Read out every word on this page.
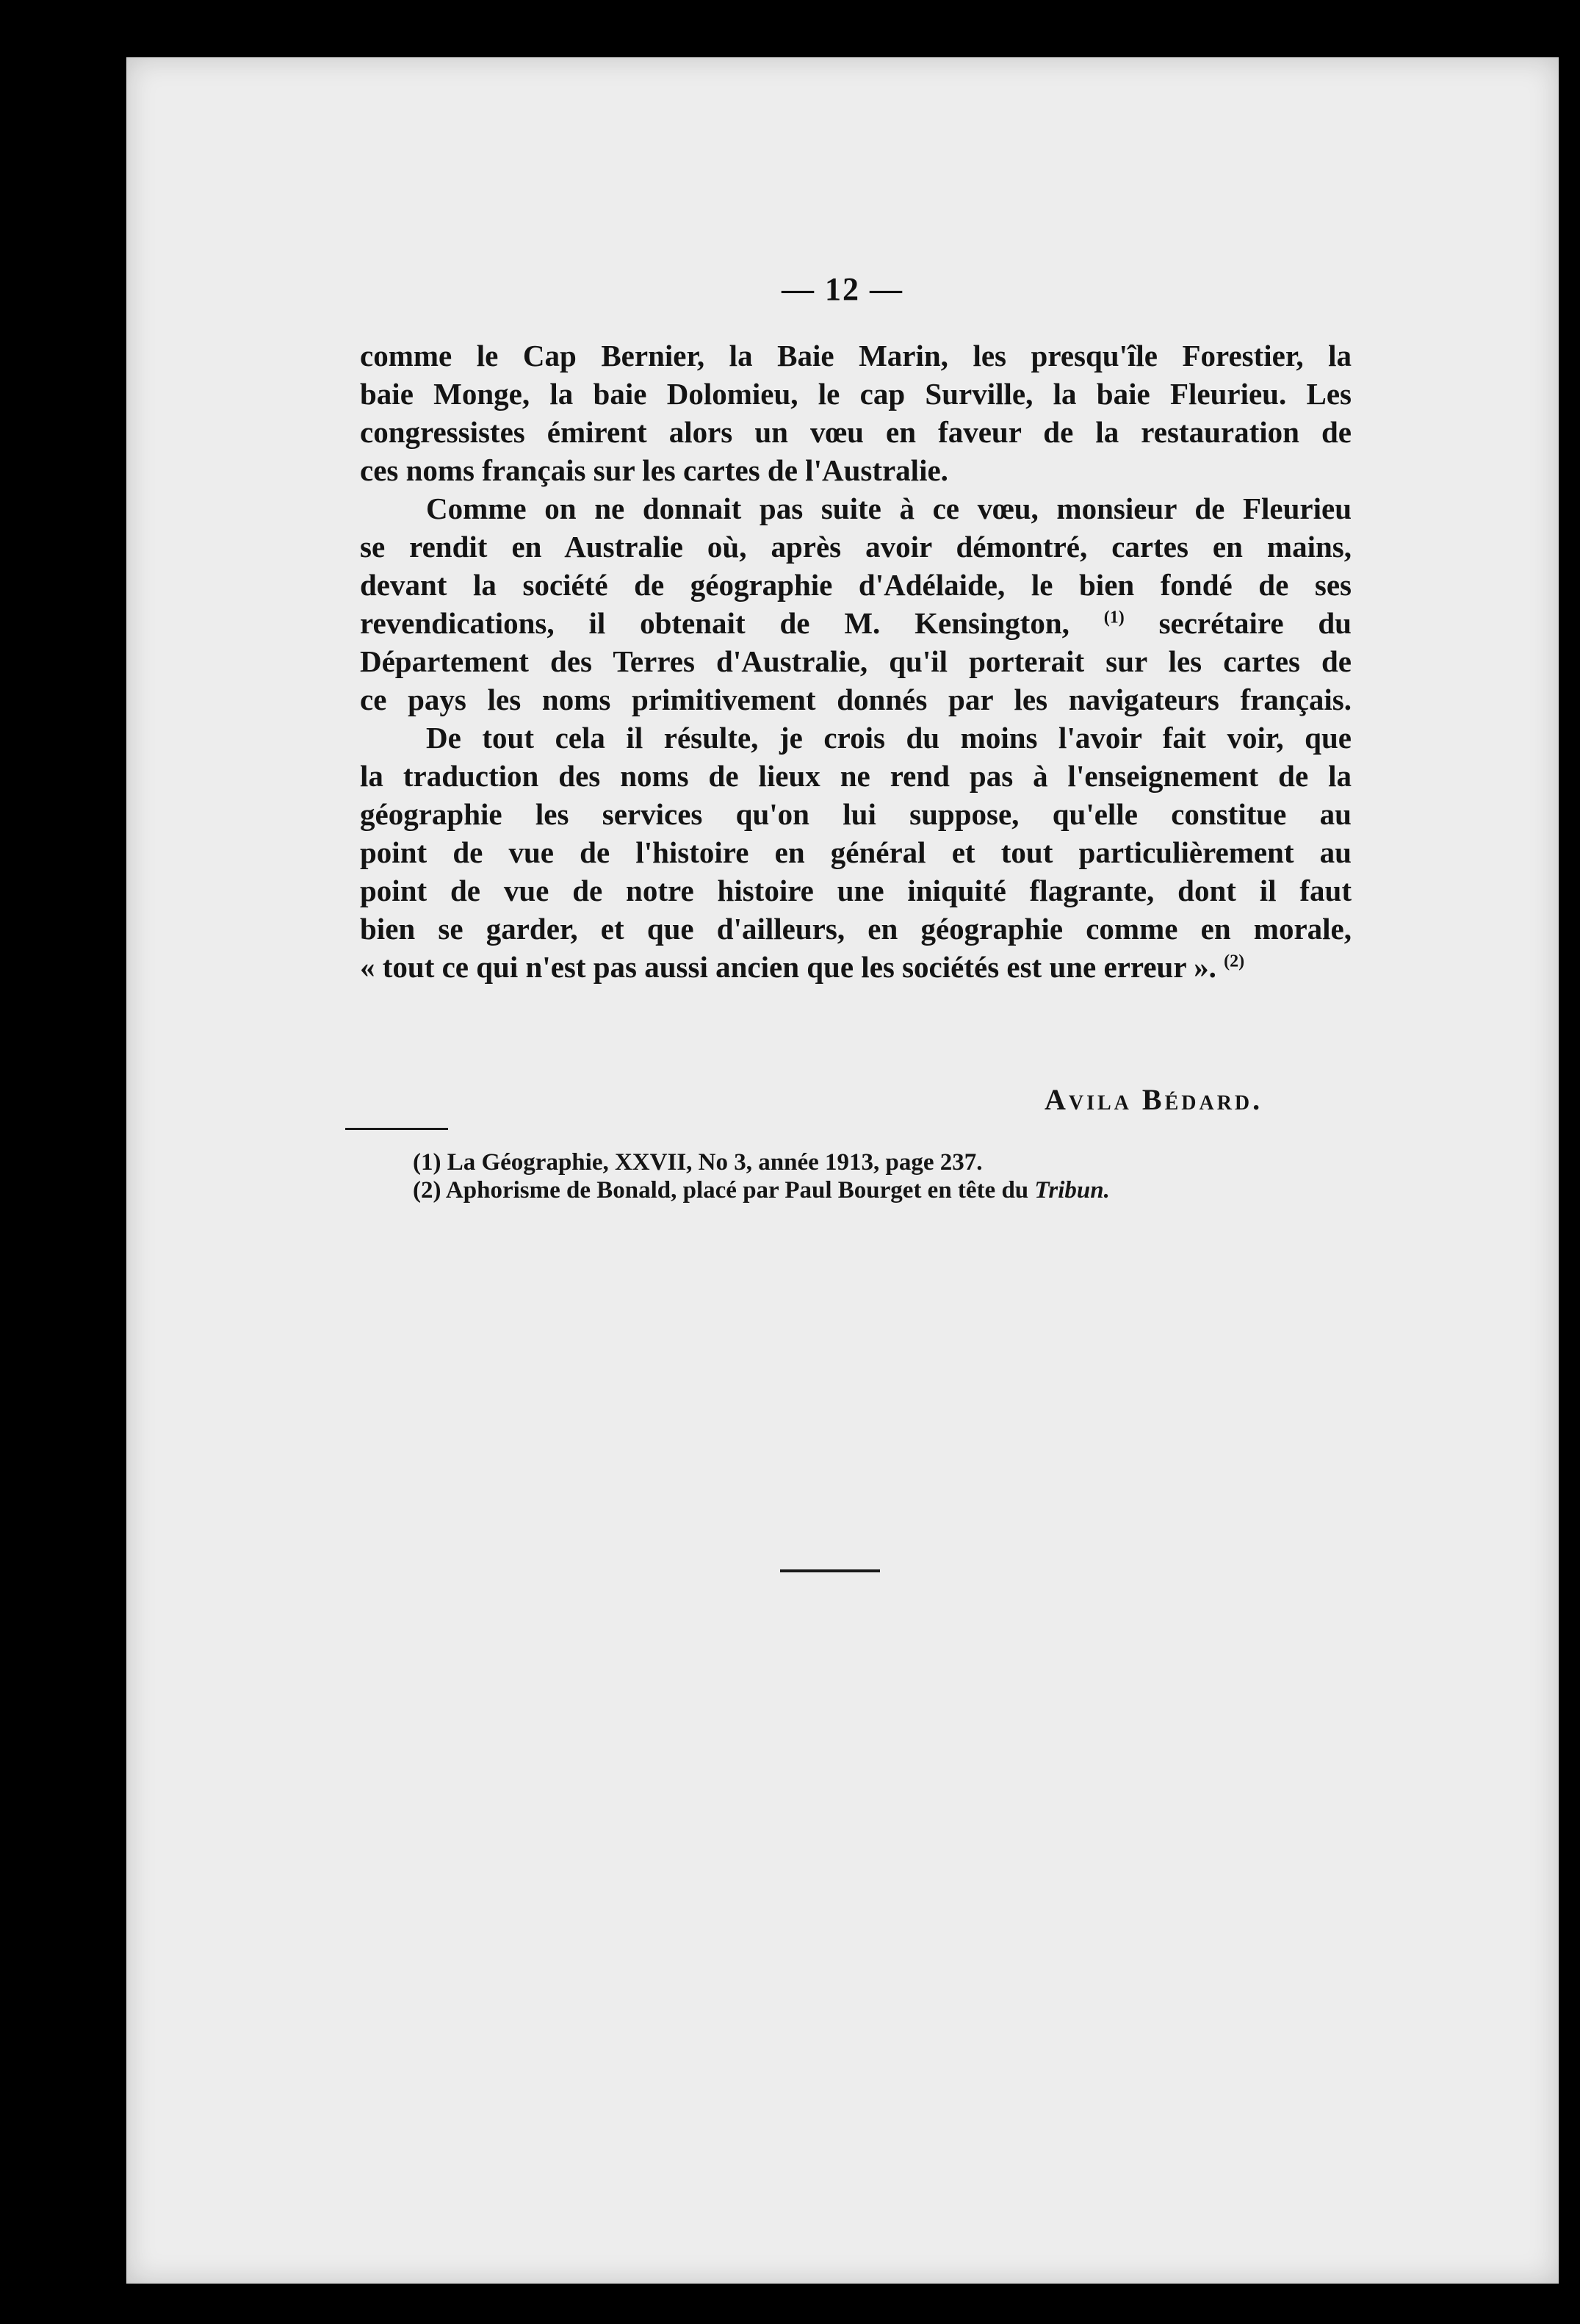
— 12 —
comme le Cap Bernier, la Baie Marin, les presqu'île Forestier, la
baie Monge, la baie Dolomieu, le cap Surville, la baie Fleurieu. Les
congressistes émirent alors un vœu en faveur de la restauration de
ces noms français sur les cartes de l'Australie.
Comme on ne donnait pas suite à ce vœu, monsieur de Fleurieu
se rendit en Australie où, après avoir démontré, cartes en mains,
devant la société de géographie d'Adélaide, le bien fondé de ses
revendications, il obtenait de M. Kensington, $^{(1)}$ secrétaire du
Département des Terres d'Australie, qu'il porterait sur les cartes de
ce pays les noms primitivement donnés par les navigateurs français.
De tout cela il résulte, je crois du moins l'avoir fait voir, que
la traduction des noms de lieux ne rend pas à l'enseignement de la
géographie les services qu'on lui suppose, qu'elle constitue au
point de vue de l'histoire en général et tout particulièrement au
point de vue de notre histoire une iniquité flagrante, dont il faut
bien se garder, et que d'ailleurs, en géographie comme en morale,
« tout ce qui n'est pas aussi ancien que les sociétés est une erreur ». $^{(2)}$
Avila Bédard.
(1) La Géographie, XXVII, No 3, année 1913, page 237.
(2) Aphorisme de Bonald, placé par Paul Bourget en tête du Tribun.
